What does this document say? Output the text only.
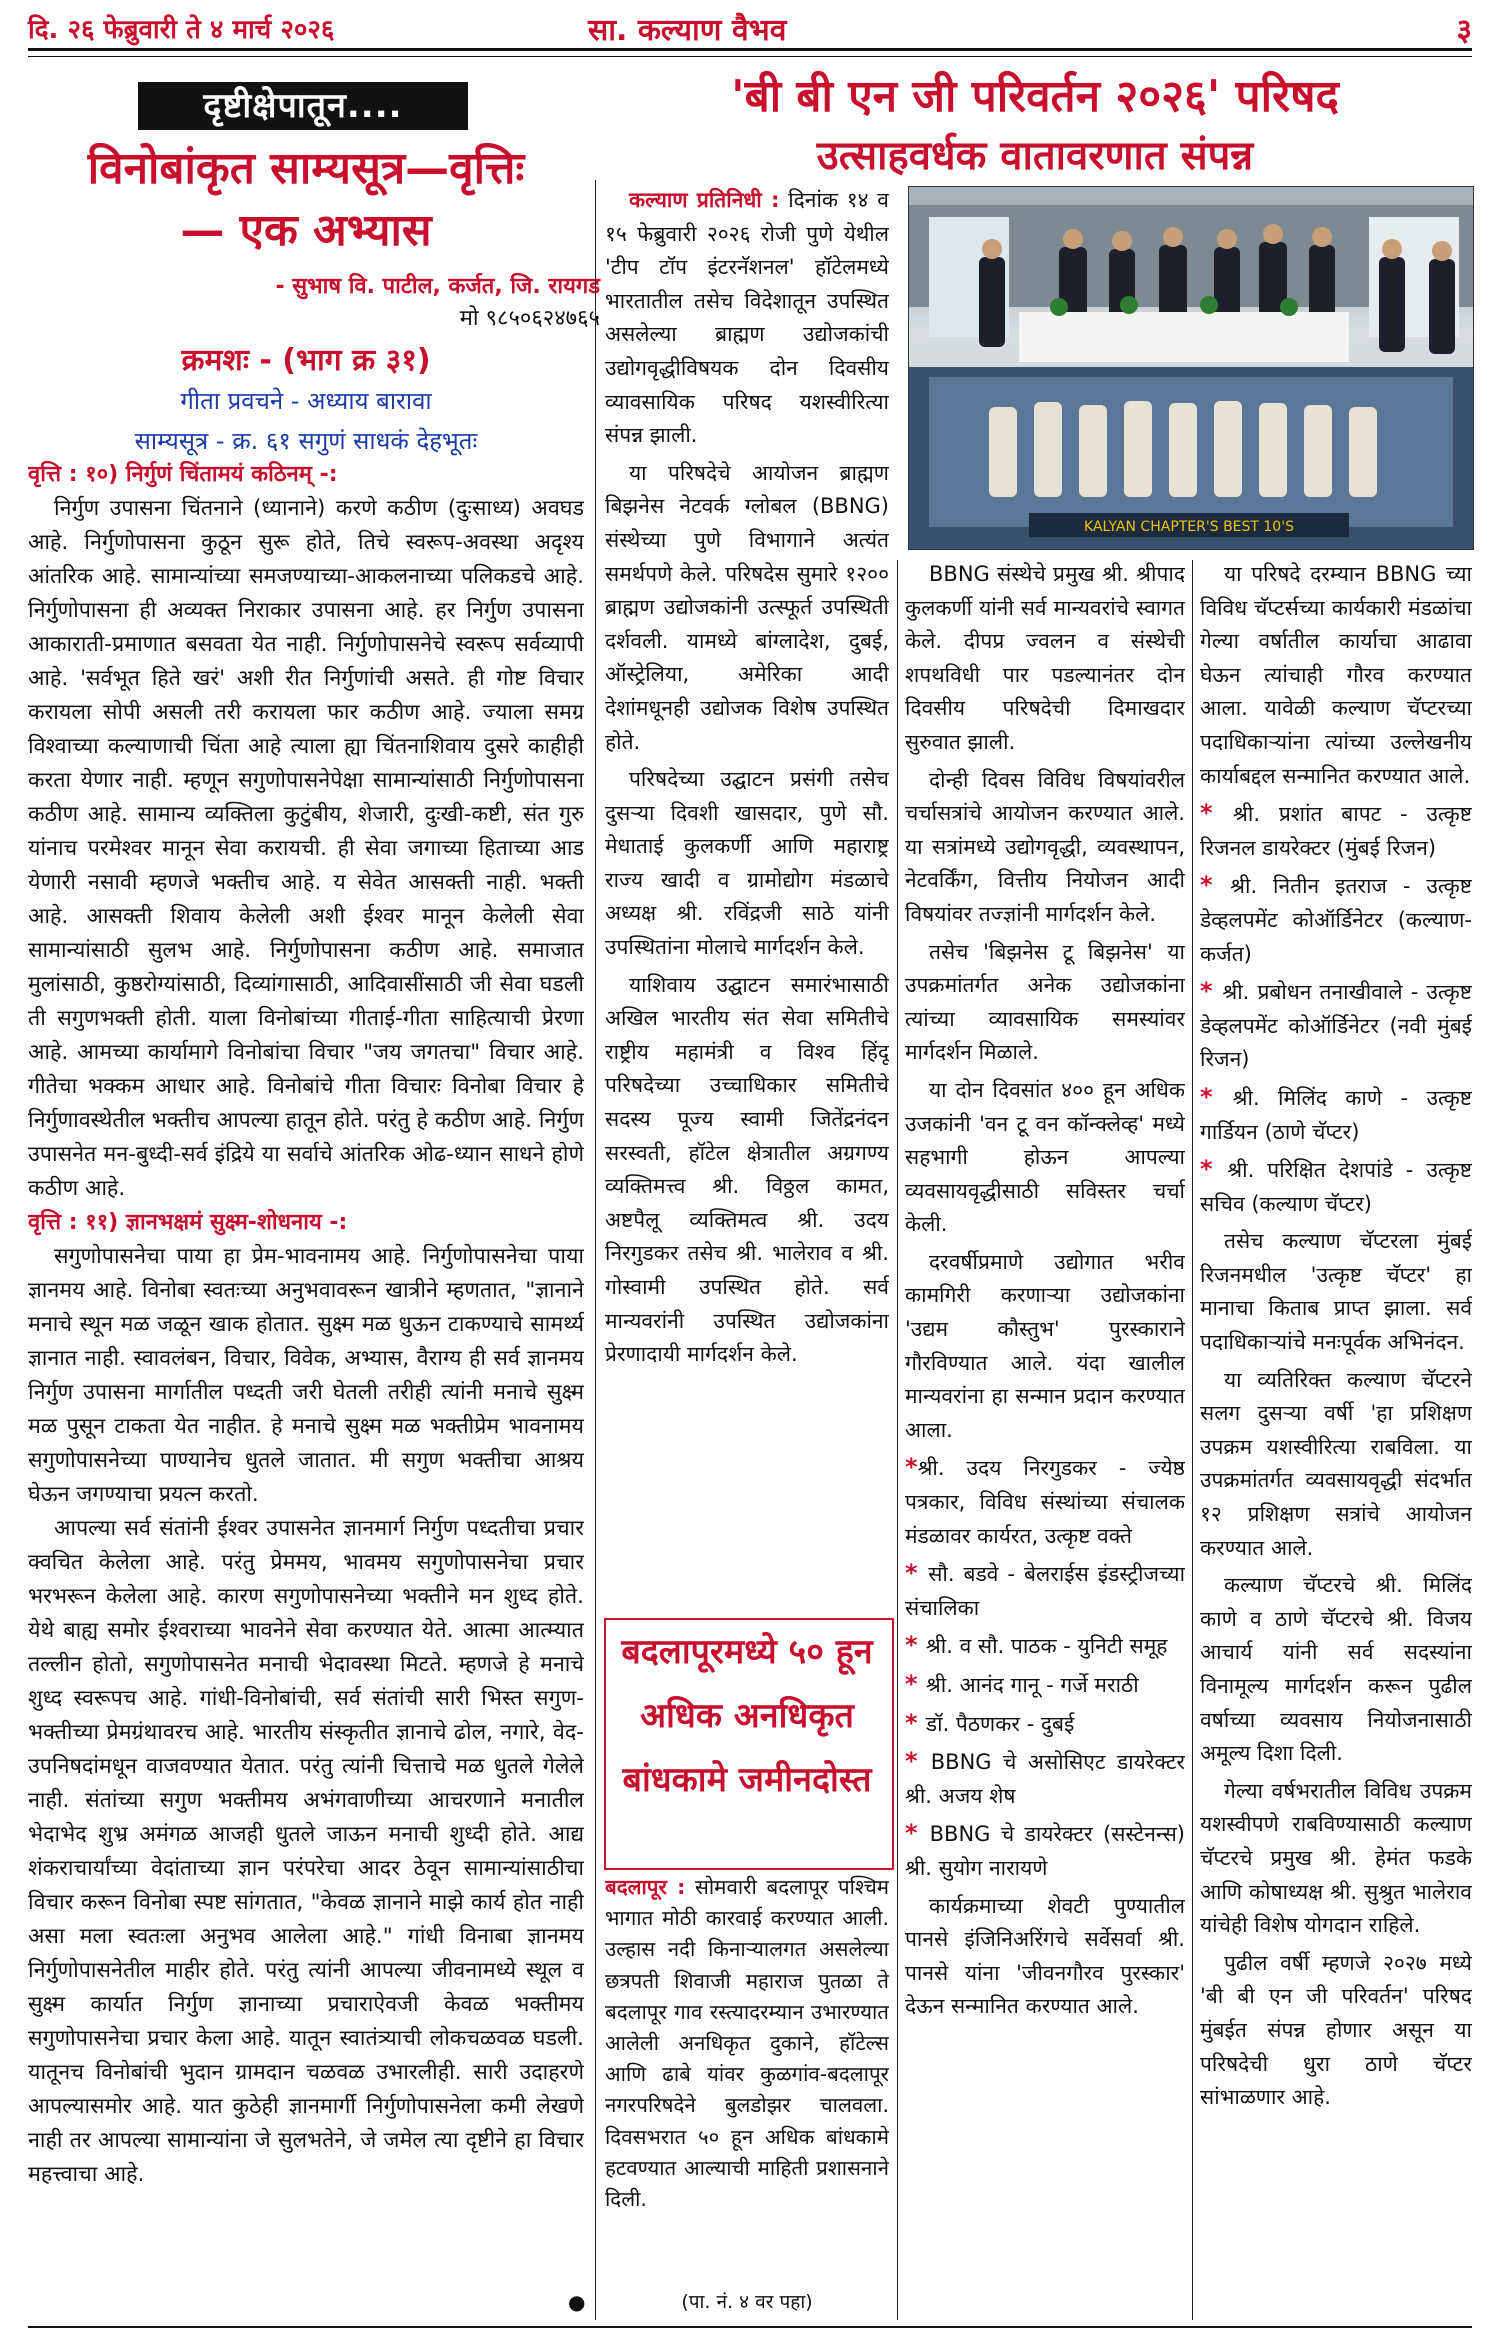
दि. २६ फेब्रुवारी ते ४ मार्च २०२६	सा. कल्याण वैभव	३
दृष्टीक्षेपातून....
विनोबांकृत साम्यसूत्र—वृत्तिः
— एक अभ्यास
- सुभाष वि. पाटील, कर्जत, जि. रायगड
मो ९८५०६२४७६५
क्रमशः - (भाग क्र ३१)
गीता प्रवचने - अध्याय बारावा
साम्यसूत्र - क्र. ६१ सगुणं साधकं देहभूतः
वृत्ति : १०) निर्गुणं चिंतामयं कठिनम् -:

निर्गुण उपासना चिंतनाने (ध्यानाने) करणे कठीण (दुःसाध्य) अवघड आहे. निर्गुणोपासना कुठून सुरू होते, तिचे स्वरूप-अवस्था अदृश्य आंतरिक आहे. सामान्यांच्या समजण्याच्या-आकलनाच्या पलिकडचे आहे. निर्गुणोपासना ही अव्यक्त निराकार उपासना आहे. हर निर्गुण उपासना आकाराती-प्रमाणात बसवता येत नाही. निर्गुणोपासनेचे स्वरूप सर्वव्यापी आहे. 'सर्वभूत हिते खरं' अशी रीत निर्गुणांची असते. ही गोष्ट विचार करायला सोपी असली तरी करायला फार कठीण आहे. ज्याला समग्र विश्वाच्या कल्याणाची चिंता आहे त्याला ह्या चिंतनाशिवाय दुसरे काहीही करता येणार नाही. म्हणून सगुणोपासनेपेक्षा सामान्यांसाठी निर्गुणोपासना कठीण आहे. सामान्य व्यक्तिला कुटुंबीय, शेजारी, दुःखी-कष्टी, संत गुरु यांनाच परमेश्वर मानून सेवा करायची. ही सेवा जगाच्या हिताच्या आड येणारी नसावी म्हणजे भक्तीच आहे. य सेवेत आसक्ती नाही. भक्ती आहे. आसक्ती शिवाय केलेली अशी ईश्वर मानून केलेली सेवा सामान्यांसाठी सुलभ आहे. निर्गुणोपासना कठीण आहे. समाजात मुलांसाठी, कुष्ठरोग्यांसाठी, दिव्यांगासाठी, आदिवासींसाठी जी सेवा घडली ती सगुणभक्ती होती. याला विनोबांच्या गीताई-गीता साहित्याची प्रेरणा आहे. आमच्या कार्यामागे विनोबांचा विचार "जय जगतचा" विचार आहे. गीतेचा भक्कम आधार आहे. विनोबांचे गीता विचारः विनोबा विचार हे निर्गुणावस्थेतील भक्तीच आपल्या हातून होते. परंतु हे कठीण आहे. निर्गुण उपासनेत मन-बुध्दी-सर्व इंद्रिये या सर्वाचे आंतरिक ओढ-ध्यान साधने होणे कठीण आहे.

वृत्ति : ११) ज्ञानभक्षमं सुक्ष्म-शोधनाय -:

सगुणोपासनेचा पाया हा प्रेम-भावनामय आहे. निर्गुणोपासनेचा पाया ज्ञानमय आहे. विनोबा स्वतःच्या अनुभवावरून खात्रीने म्हणतात, "ज्ञानाने मनाचे स्थून मळ जळून खाक होतात. सुक्ष्म मळ धुऊन टाकण्याचे सामर्थ्य ज्ञानात नाही. स्वावलंबन, विचार, विवेक, अभ्यास, वैराग्य ही सर्व ज्ञानमय निर्गुण उपासना मार्गातील पध्दती जरी घेतली तरीही त्यांनी मनाचे सुक्ष्म मळ पुसून टाकता येत नाहीत. हे मनाचे सुक्ष्म मळ भक्तीप्रेम भावनामय सगुणोपासनेच्या पाण्यानेच धुतले जातात. मी सगुण भक्तीचा आश्रय घेऊन जगण्याचा प्रयत्न करतो.

आपल्या सर्व संतांनी ईश्वर उपासनेत ज्ञानमार्ग निर्गुण पध्दतीचा प्रचार क्वचित केलेला आहे. परंतु प्रेममय, भावमय सगुणोपासनेचा प्रचार भरभरून केलेला आहे. कारण सगुणोपासनेच्या भक्तीने मन शुध्द होते. येथे बाह्य समोर ईश्वराच्या भावनेने सेवा करण्यात येते. आत्मा आत्म्यात तल्लीन होतो, सगुणोपासनेत मनाची भेदावस्था मिटते. म्हणजे हे मनाचे शुध्द स्वरूपच आहे. गांधी-विनोबांची, सर्व संतांची सारी भिस्त सगुण-भक्तीच्या प्रेमग्रंथावरच आहे. भारतीय संस्कृतीत ज्ञानाचे ढोल, नगारे, वेद-उपनिषदांमधून वाजवण्यात येतात. परंतु त्यांनी चित्ताचे मळ धुतले गेलेले नाही. संतांच्या सगुण भक्तीमय अभंगवाणीच्या आचरणाने मनातील भेदाभेद शुभ्र अमंगळ आजही धुतले जाऊन मनाची शुध्दी होते. आद्य शंकराचार्यांच्या वेदांताच्या ज्ञान परंपरेचा आदर ठेवून सामान्यांसाठीचा विचार करून विनोबा स्पष्ट सांगतात, "केवळ ज्ञानाने माझे कार्य होत नाही असा मला स्वतःला अनुभव आलेला आहे." गांधी विनाबा ज्ञानमय निर्गुणोपासनेतील माहीर होते. परंतु त्यांनी आपल्या जीवनामध्ये स्थूल व सुक्ष्म कार्यात निर्गुण ज्ञानाच्या प्रचाराऐवजी केवळ भक्तीमय सगुणोपासनेचा प्रचार केला आहे. यातून स्वातंत्र्याची लोकचळवळ घडली. यातूनच विनोबांची भुदान ग्रामदान चळवळ उभारलीही. सारी उदाहरणे आपल्यासमोर आहे. यात कुठेही ज्ञानमार्गी निर्गुणोपासनेला कमी लेखणे नाही तर आपल्या सामान्यांना जे सुलभतेने, जे जमेल त्या दृष्टीने हा विचार महत्त्वाचा आहे.

●
'बी बी एन जी परिवर्तन २०२६' परिषद
उत्साहवर्धक वातावरणात संपन्न
KALYAN CHAPTER'S BEST 10'S

कल्याण प्रतिनिधी : दिनांक १४ व १५ फेब्रुवारी २०२६ रोजी पुणे येथील 'टीप टॉप इंटरनॅशनल' हॉटेलमध्ये भारतातील तसेच विदेशातून उपस्थित असलेल्या ब्राह्मण उद्योजकांची उद्योगवृद्धीविषयक दोन दिवसीय व्यावसायिक परिषद यशस्वीरित्या संपन्न झाली.

या परिषदेचे आयोजन ब्राह्मण बिझनेस नेटवर्क ग्लोबल (BBNG) संस्थेच्या पुणे विभागाने अत्यंत समर्थपणे केले. परिषदेस सुमारे १२०० ब्राह्मण उद्योजकांनी उत्स्फूर्त उपस्थिती दर्शवली. यामध्ये बांग्लादेश, दुबई, ऑस्ट्रेलिया, अमेरिका आदी देशांमधूनही उद्योजक विशेष उपस्थित होते.

परिषदेच्या उद्घाटन प्रसंगी तसेच दुसऱ्या दिवशी खासदार, पुणे सौ. मेधाताई कुलकर्णी आणि महाराष्ट्र राज्य खादी व ग्रामोद्योग मंडळाचे अध्यक्ष श्री. रविंद्रजी साठे यांनी उपस्थितांना मोलाचे मार्गदर्शन केले.

याशिवाय उद्घाटन समारंभासाठी अखिल भारतीय संत सेवा समितीचे राष्ट्रीय महामंत्री व विश्व हिंदू परिषदेच्या उच्चाधिकार समितीचे सदस्य पूज्य स्वामी जितेंद्रनंदन सरस्वती, हॉटेल क्षेत्रातील अग्रगण्य व्यक्तिमत्त्व श्री. विठ्ठल कामत, अष्टपैलू व्यक्तिमत्व श्री. उदय निरगुडकर तसेच श्री. भालेराव व श्री. गोस्वामी उपस्थित होते. सर्व मान्यवरांनी उपस्थित उद्योजकांना प्रेरणादायी मार्गदर्शन केले.

BBNG संस्थेचे प्रमुख श्री. श्रीपाद कुलकर्णी यांनी सर्व मान्यवरांचे स्वागत केले. दीपप्र ज्वलन व संस्थेची शपथविधी पार पडल्यानंतर दोन दिवसीय परिषदेची दिमाखदार सुरुवात झाली.

दोन्ही दिवस विविध विषयांवरील चर्चासत्रांचे आयोजन करण्यात आले. या सत्रांमध्ये उद्योगवृद्धी, व्यवस्थापन, नेटवर्किंग, वित्तीय नियोजन आदी विषयांवर तज्ज्ञांनी मार्गदर्शन केले.

तसेच 'बिझनेस टू बिझनेस' या उपक्रमांतर्गत अनेक उद्योजकांना त्यांच्या व्यावसायिक समस्यांवर मार्गदर्शन मिळाले.

या दोन दिवसांत ४०० हून अधिक उजकांनी 'वन टू वन कॉन्क्लेव्ह' मध्ये सहभागी होऊन आपल्या व्यवसायवृद्धीसाठी सविस्तर चर्चा केली.

दरवर्षीप्रमाणे उद्योगात भरीव कामगिरी करणाऱ्या उद्योजकांना 'उद्यम कौस्तुभ' पुरस्काराने गौरविण्यात आले. यंदा खालील मान्यवरांना हा सन्मान प्रदान करण्यात आला.

*श्री. उदय निरगुडकर - ज्येष्ठ पत्रकार, विविध संस्थांच्या संचालक मंडळावर कार्यरत, उत्कृष्ट वक्ते

* सौ. बडवे - बेलराईस इंडस्ट्रीजच्या संचालिका

* श्री. व सौ. पाठक - युनिटी समूह

* श्री. आनंद गानू - गर्जे मराठी

* डॉ. पैठणकर - दुबई

* BBNG चे असोसिएट डायरेक्टर श्री. अजय शेष

* BBNG चे डायरेक्टर (सस्टेनन्स) श्री. सुयोग नारायणे

कार्यक्रमाच्या शेवटी पुण्यातील पानसे इंजिनिअरिंगचे सर्वेसर्वा श्री. पानसे यांना 'जीवनगौरव पुरस्कार' देऊन सन्मानित करण्यात आले.

या परिषदे दरम्यान BBNG च्या विविध चॅप्टर्सच्या कार्यकारी मंडळांचा गेल्या वर्षातील कार्याचा आढावा घेऊन त्यांचाही गौरव करण्यात आला. यावेळी कल्याण चॅप्टरच्या पदाधिकाऱ्यांना त्यांच्या उल्लेखनीय कार्याबद्दल सन्मानित करण्यात आले.

* श्री. प्रशांत बापट - उत्कृष्ट रिजनल डायरेक्टर (मुंबई रिजन)

* श्री. नितीन इतराज - उत्कृष्ट डेव्हलपमेंट कोऑर्डिनेटर (कल्याण-कर्जत)

* श्री. प्रबोधन तनाखीवाले - उत्कृष्ट डेव्हलपमेंट कोऑर्डिनेटर (नवी मुंबई रिजन)

* श्री. मिलिंद काणे - उत्कृष्ट गार्डियन (ठाणे चॅप्टर)

* श्री. परिक्षित देशपांडे - उत्कृष्ट सचिव (कल्याण चॅप्टर)

तसेच कल्याण चॅप्टरला मुंबई रिजनमधील 'उत्कृष्ट चॅप्टर' हा मानाचा किताब प्राप्त झाला. सर्व पदाधिकाऱ्यांचे मनःपूर्वक अभिनंदन.

या व्यतिरिक्त कल्याण चॅप्टरने सलग दुसऱ्या वर्षी 'हा प्रशिक्षण उपक्रम यशस्वीरित्या राबविला. या उपक्रमांतर्गत व्यवसायवृद्धी संदर्भात १२ प्रशिक्षण सत्रांचे आयोजन करण्यात आले.

कल्याण चॅप्टरचे श्री. मिलिंद काणे व ठाणे चॅप्टरचे श्री. विजय आचार्य यांनी सर्व सदस्यांना विनामूल्य मार्गदर्शन करून पुढील वर्षाच्या व्यवसाय नियोजनासाठी अमूल्य दिशा दिली.

गेल्या वर्षभरातील विविध उपक्रम यशस्वीपणे राबविण्यासाठी कल्याण चॅप्टरचे प्रमुख श्री. हेमंत फडके आणि कोषाध्यक्ष श्री. सुश्रुत भालेराव यांचेही विशेष योगदान राहिले.

पुढील वर्षी म्हणजे २०२७ मध्ये 'बी बी एन जी परिवर्तन' परिषद मुंबईत संपन्न होणार असून या परिषदेची धुरा ठाणे चॅप्टर सांभाळणार आहे.

बदलापूरमध्ये ५० हून अधिक अनधिकृत बांधकामे जमीनदोस्त
बदलापूर : सोमवारी बदलापूर पश्चिम भागात मोठी कारवाई करण्यात आली. उल्हास नदी किनाऱ्यालगत असलेल्या छत्रपती शिवाजी महाराज पुतळा ते बदलापूर गाव रस्त्यादरम्यान उभारण्यात आलेली अनधिकृत दुकाने, हॉटेल्स आणि ढाबे यांवर कुळगांव-बदलापूर नगरपरिषदेने बुलडोझर चालवला. दिवसभरात ५० हून अधिक बांधकामे हटवण्यात आल्याची माहिती प्रशासनाने दिली.
(पा. नं. ४ वर पहा)
